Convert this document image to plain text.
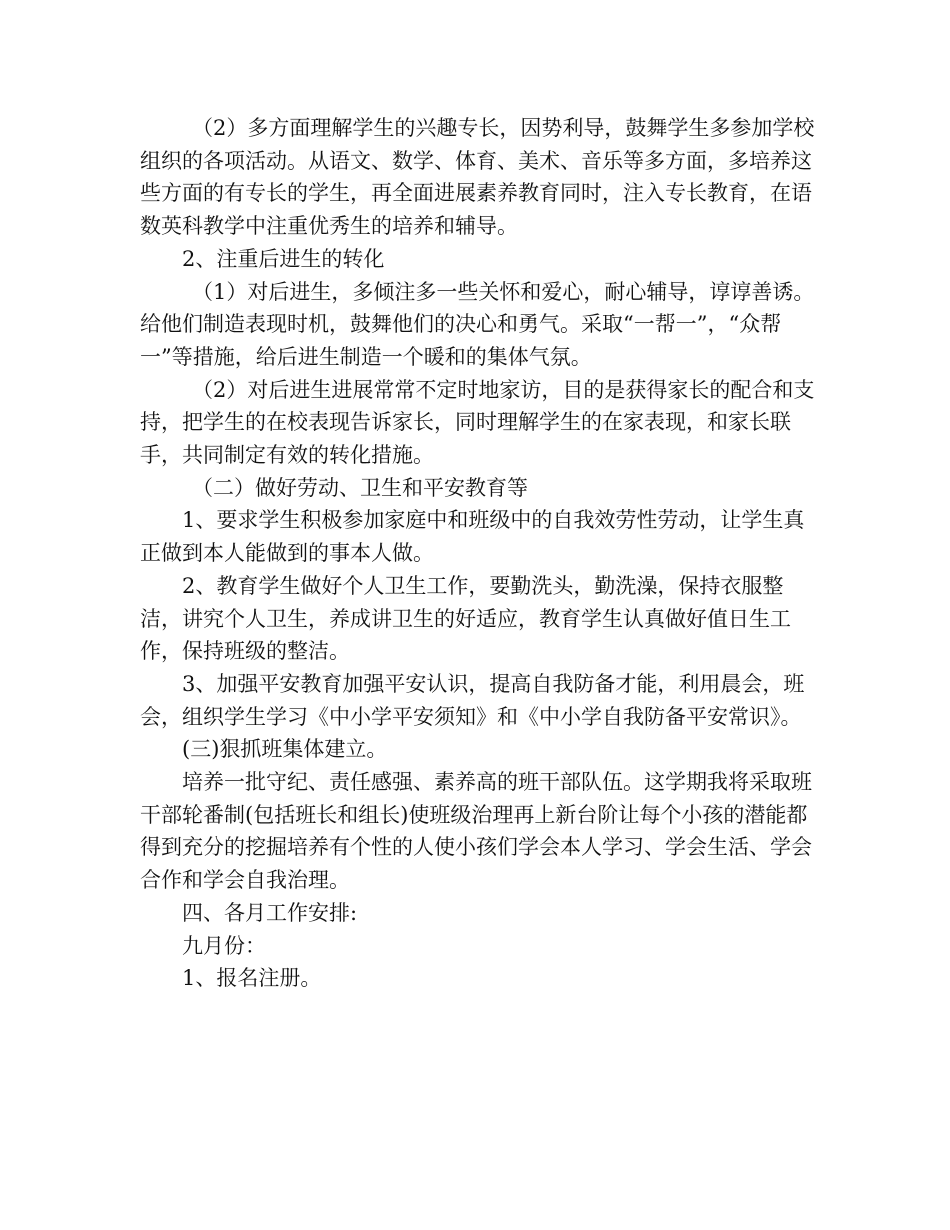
（2）多方面理解学生的兴趣专长，因势利导，鼓舞学生多参加学校组织的各项活动。从语文、数学、体育、美术、音乐等多方面，多培养这些方面的有专长的学生，再全面进展素养教育同时，注入专长教育，在语数英科教学中注重优秀生的培养和辅导。

2、注重后进生的转化

（1）对后进生，多倾注多一些关怀和爱心，耐心辅导，谆谆善诱。给他们制造表现时机，鼓舞他们的决心和勇气。采取“一帮一”，“众帮一”等措施，给后进生制造一个暖和的集体气氛。

（2）对后进生进展常常不定时地家访，目的是获得家长的配合和支持，把学生的在校表现告诉家长，同时理解学生的在家表现，和家长联手，共同制定有效的转化措施。

（二）做好劳动、卫生和平安教育等

1、要求学生积极参加家庭中和班级中的自我效劳性劳动，让学生真正做到本人能做到的事本人做。

2、教育学生做好个人卫生工作，要勤洗头，勤洗澡，保持衣服整洁，讲究个人卫生，养成讲卫生的好适应，教育学生认真做好值日生工作，保持班级的整洁。

3、加强平安教育加强平安认识，提高自我防备才能，利用晨会，班会，组织学生学习《中小学平安须知》和《中小学自我防备平安常识》。

(三)狠抓班集体建立。

培养一批守纪、责任感强、素养高的班干部队伍。这学期我将采取班干部轮番制(包括班长和组长)使班级治理再上新台阶让每个小孩的潜能都得到充分的挖掘培养有个性的人使小孩们学会本人学习、学会生活、学会合作和学会自我治理。

四、各月工作安排:

九月份：

1、报名注册。
